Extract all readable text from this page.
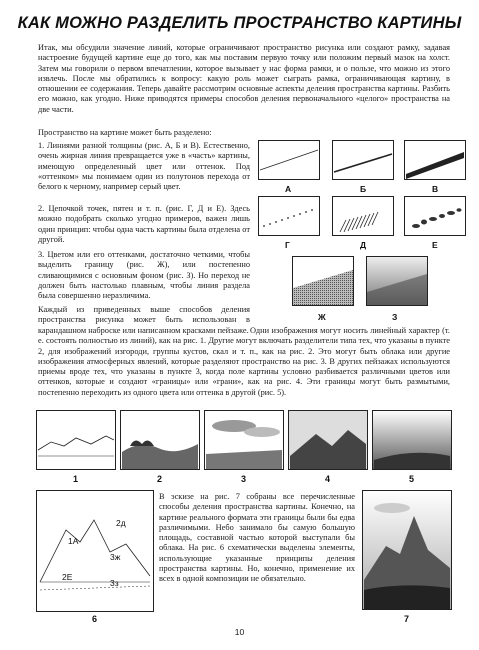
КАК МОЖНО РАЗДЕЛИТЬ ПРОСТРАНСТВО КАРТИНЫ

Итак, мы обсудили значение линий, которые ограничивают пространство рисунка или создают рамку, задавая настроение будущей картине еще до того, как мы поставим первую точку или положим первый мазок на холст. Затем мы говорили о первом впечатлении, которое вызывает у нас форма рамки, и о пользе, что можно из этого извлечь. После мы обратились к вопросу: какую роль может сыграть рамка, ограничивающая картину, в отношении ее содержания. Теперь давайте рассмотрим основные аспекты деления пространства картины. Разбить его можно, как угодно. Ниже приводятся примеры способов деления первоначального «целого» пространства на две части.

Пространство на картине может быть разделено:

1. Линиями разной толщины (рис. А, Б и В). Естественно, очень жирная линия превращается уже в «часть» картины, имеющую определенный цвет или оттенок. Под «оттенком» мы понимаем один из полутонов перехода от белого к черному, например серый цвет.

2. Цепочкой точек, пятен и т. п. (рис. Г, Д и Е). Здесь можно подобрать сколько угодно примеров, важен лишь один принцип: чтобы одна часть картины была отделена от другой.

3. Цветом или его оттенками, достаточно четкими, чтобы выделить границу (рис. Ж), или постепенно сливающимися с основным фоном (рис. З). Но переход не должен быть настолько плавным, чтобы линия раздела была совершенно неразличима.

Каждый из приведенных выше способов деления пространства рисунка может быть использован в карандашном наброске или написанном красками пейзаже. Одни изображения могут носить линейный характер (т. е. состоять полностью из линий), как на рис. 1. Другие могут включать разделители типа тех, что указаны в пункте 2, для изображений изгороди, группы кустов, скал и т. п., как на рис. 2. Это могут быть облака или другие изображения атмосферных явлений, которые разделяют пространство на рис. 3. В других пейзажах используются приемы вроде тех, что указаны в пункте 3, когда поле картины условно разбивается различными цветов или оттенков, которые и создают «границы» или «грани», как на рис. 4. Эти границы могут быть размытыми, постепенно переходить из одного цвета или оттенка в другой (рис. 5).

А	Б	В
Г	Д	Е
Ж	З
1	2	3	4	5
2д
1А
3ж
2Е
3з
6

В эскизе на рис. 7 собраны все перечисленные способы деления пространства картины. Конечно, на картине реального формата эти границы были бы едва различимыми. Небо занимало бы самую большую площадь, составной частью которой выступали бы облака. На рис. 6 схематически выделены элементы, использующие указанные принципы деления пространства картины. Но, конечно, применение их всех в одной композиции не обязательно.

7
10
